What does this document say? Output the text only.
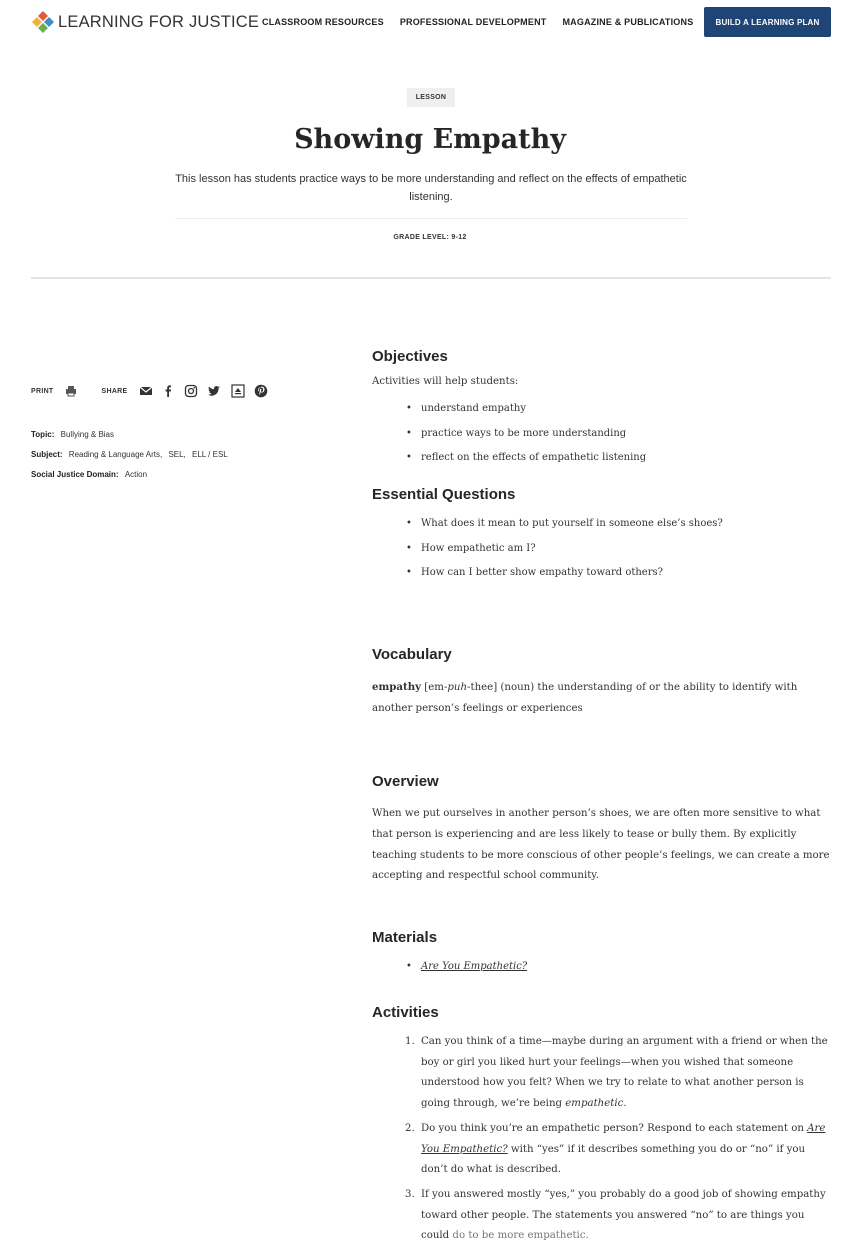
LEARNING FOR JUSTICE CLASSROOM RESOURCES PROFESSIONAL DEVELOPMENT MAGAZINE & PUBLICATIONS	BUILD A LEARNING PLAN
LESSON
Showing Empathy

This lesson has students practice ways to be more understanding and reflect on the effects of empathetic listening.

GRADE LEVEL: 9-12
PRINT	SHARE
Topic: Bullying & Bias
Subject: Reading & Language Arts, SEL, ELL / ESL
Social Justice Domain: Action
Objectives

Activities will help students:

• understand empathy
• practice ways to be more understanding
• reflect on the effects of empathetic listening
Essential Questions
• What does it mean to put yourself in someone else’s shoes?
• How empathetic am I?
• How can I better show empathy toward others?
Vocabulary

empathy [em-puh-thee] (noun) the understanding of or the ability to identify with another person’s feelings or experiences

Overview

When we put ourselves in another person’s shoes, we are often more sensitive to what that person is experiencing and are less likely to tease or bully them. By explicitly teaching students to be more conscious of other people’s feelings, we can create a more accepting and respectful school community.

Materials
• Are You Empathetic?
Activities
1. Can you think of a time—maybe during an argument with a friend or when the boy or girl you liked hurt your feelings—when you wished that someone understood how you felt? When we try to relate to what another person is going through, we’re being empathetic.
2. Do you think you’re an empathetic person? Respond to each statement on Are You Empathetic? with “yes” if it describes something you do or “no” if you don’t do what is described.
3. If you answered mostly “yes,” you probably do a good job of showing empathy toward other people. The statements you answered “no” to are things you could do to be more empathetic.
